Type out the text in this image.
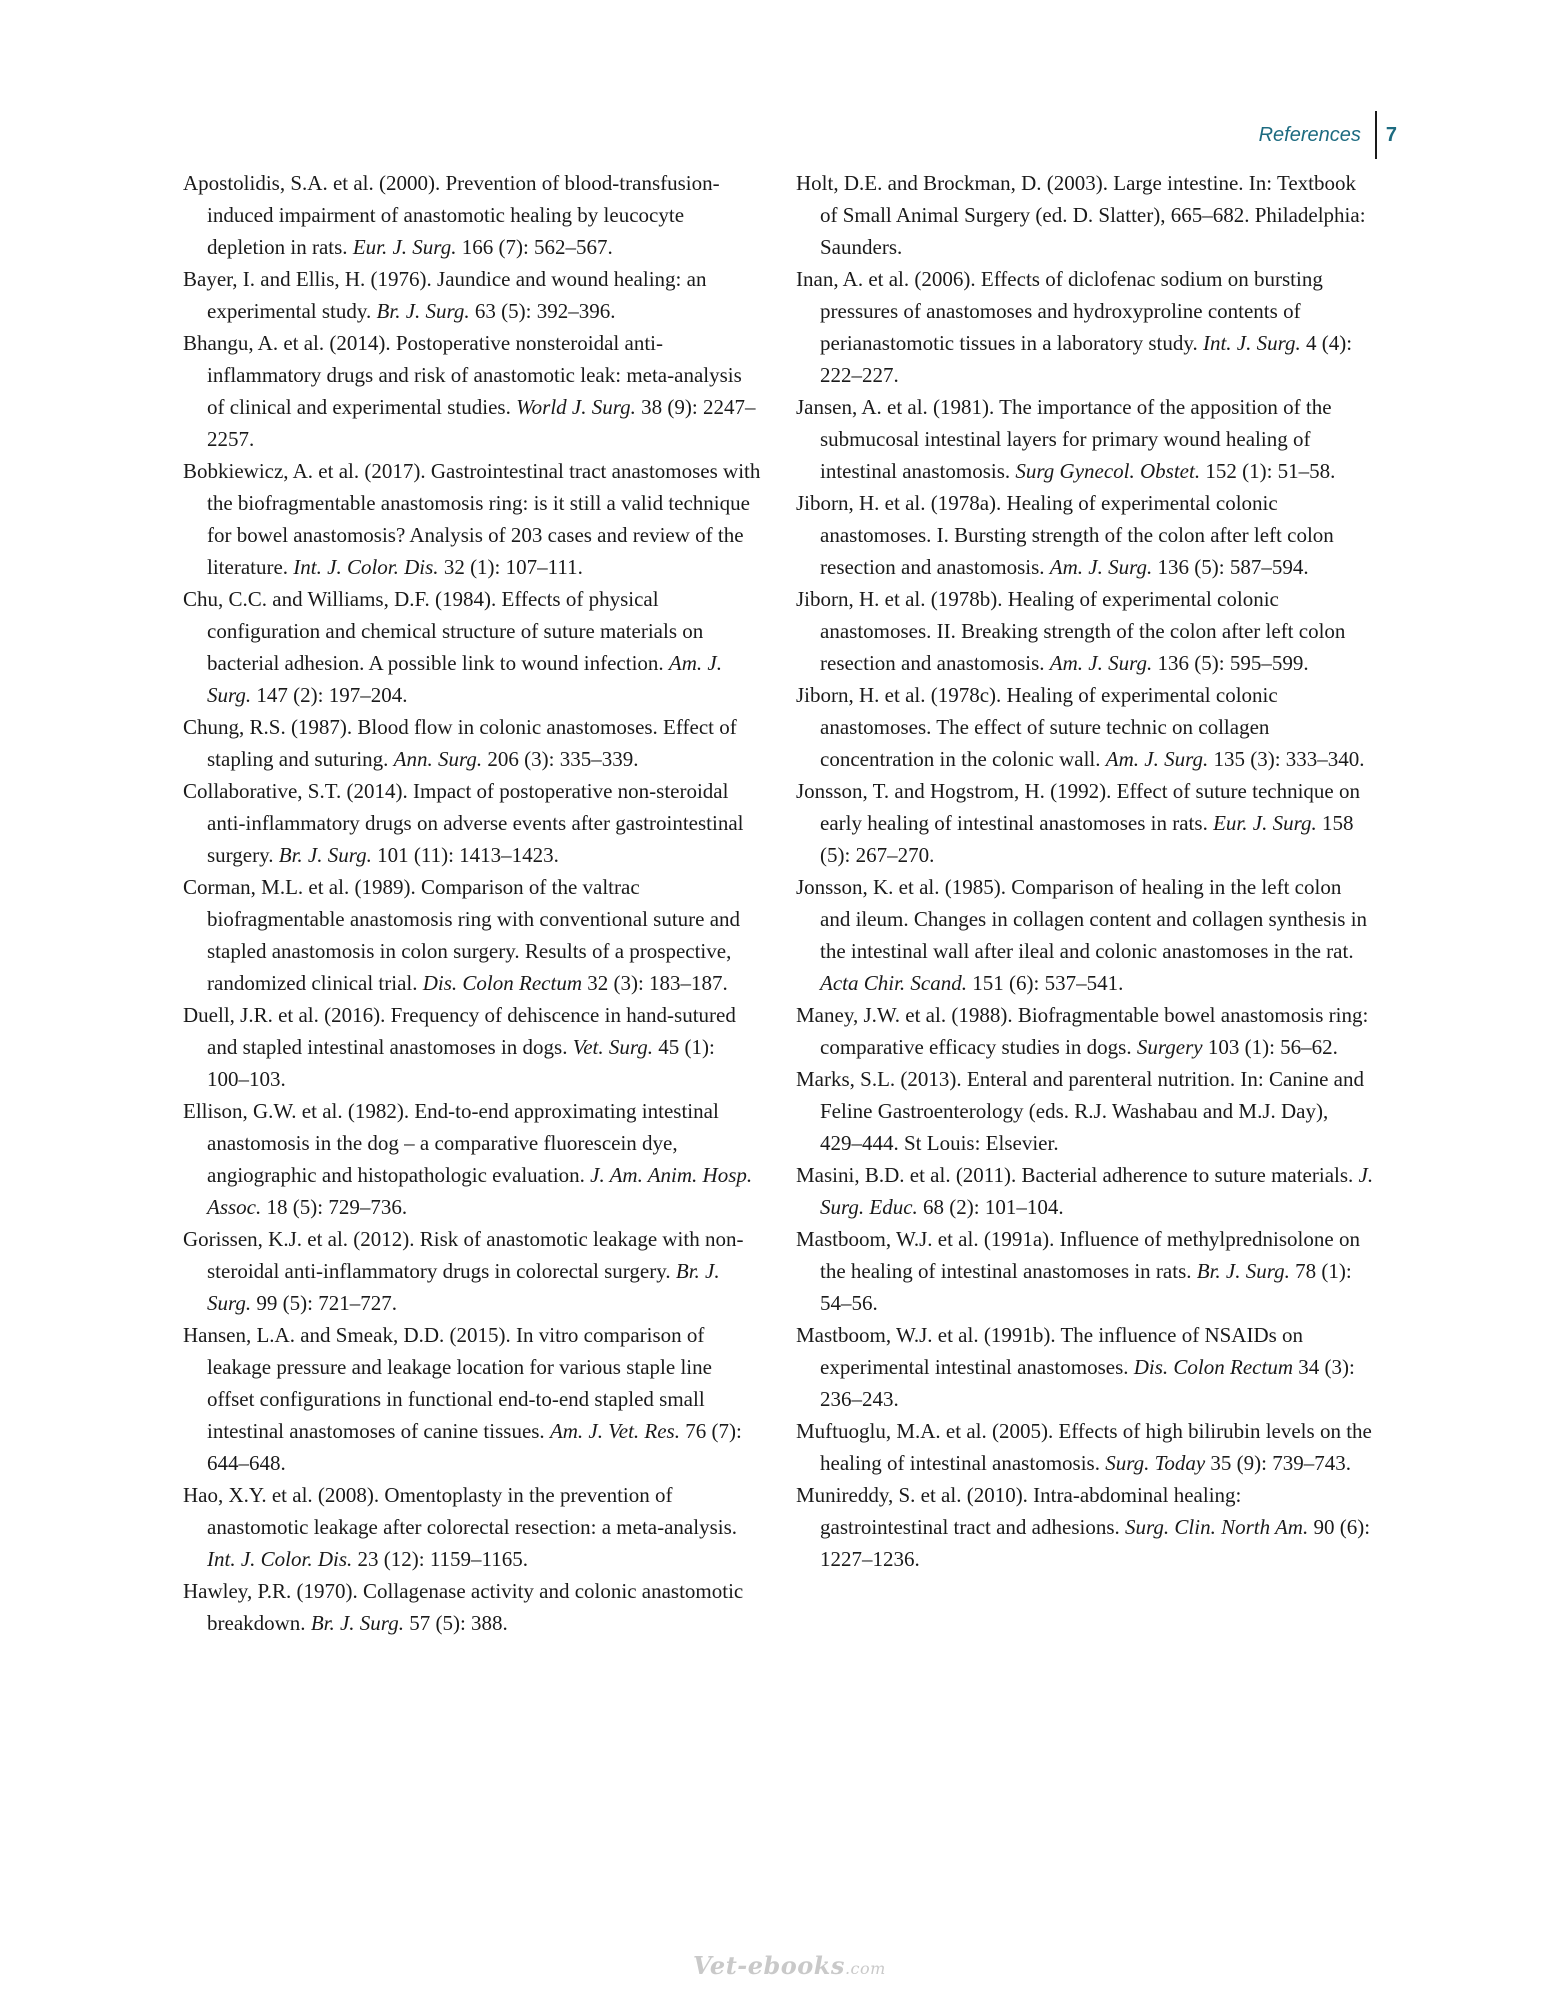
References	7
Apostolidis, S.A. et al. (2000). Prevention of blood-transfusion-induced impairment of anastomotic healing by leucocyte depletion in rats. Eur. J. Surg. 166 (7): 562–567.
Bayer, I. and Ellis, H. (1976). Jaundice and wound healing: an experimental study. Br. J. Surg. 63 (5): 392–396.
Bhangu, A. et al. (2014). Postoperative nonsteroidal anti-inflammatory drugs and risk of anastomotic leak: meta-analysis of clinical and experimental studies. World J. Surg. 38 (9): 2247–2257.
Bobkiewicz, A. et al. (2017). Gastrointestinal tract anastomoses with the biofragmentable anastomosis ring: is it still a valid technique for bowel anastomosis? Analysis of 203 cases and review of the literature. Int. J. Color. Dis. 32 (1): 107–111.
Chu, C.C. and Williams, D.F. (1984). Effects of physical configuration and chemical structure of suture materials on bacterial adhesion. A possible link to wound infection. Am. J. Surg. 147 (2): 197–204.
Chung, R.S. (1987). Blood flow in colonic anastomoses. Effect of stapling and suturing. Ann. Surg. 206 (3): 335–339.
Collaborative, S.T. (2014). Impact of postoperative non-steroidal anti-inflammatory drugs on adverse events after gastrointestinal surgery. Br. J. Surg. 101 (11): 1413–1423.
Corman, M.L. et al. (1989). Comparison of the valtrac biofragmentable anastomosis ring with conventional suture and stapled anastomosis in colon surgery. Results of a prospective, randomized clinical trial. Dis. Colon Rectum 32 (3): 183–187.
Duell, J.R. et al. (2016). Frequency of dehiscence in hand-sutured and stapled intestinal anastomoses in dogs. Vet. Surg. 45 (1): 100–103.
Ellison, G.W. et al. (1982). End-to-end approximating intestinal anastomosis in the dog – a comparative fluorescein dye, angiographic and histopathologic evaluation. J. Am. Anim. Hosp. Assoc. 18 (5): 729–736.
Gorissen, K.J. et al. (2012). Risk of anastomotic leakage with non-steroidal anti-inflammatory drugs in colorectal surgery. Br. J. Surg. 99 (5): 721–727.
Hansen, L.A. and Smeak, D.D. (2015). In vitro comparison of leakage pressure and leakage location for various staple line offset configurations in functional end-to-end stapled small intestinal anastomoses of canine tissues. Am. J. Vet. Res. 76 (7): 644–648.
Hao, X.Y. et al. (2008). Omentoplasty in the prevention of anastomotic leakage after colorectal resection: a meta-analysis. Int. J. Color. Dis. 23 (12): 1159–1165.
Hawley, P.R. (1970). Collagenase activity and colonic anastomotic breakdown. Br. J. Surg. 57 (5): 388.
Holt, D.E. and Brockman, D. (2003). Large intestine. In: Textbook of Small Animal Surgery (ed. D. Slatter), 665–682. Philadelphia: Saunders.
Inan, A. et al. (2006). Effects of diclofenac sodium on bursting pressures of anastomoses and hydroxyproline contents of perianastomotic tissues in a laboratory study. Int. J. Surg. 4 (4): 222–227.
Jansen, A. et al. (1981). The importance of the apposition of the submucosal intestinal layers for primary wound healing of intestinal anastomosis. Surg Gynecol. Obstet. 152 (1): 51–58.
Jiborn, H. et al. (1978a). Healing of experimental colonic anastomoses. I. Bursting strength of the colon after left colon resection and anastomosis. Am. J. Surg. 136 (5): 587–594.
Jiborn, H. et al. (1978b). Healing of experimental colonic anastomoses. II. Breaking strength of the colon after left colon resection and anastomosis. Am. J. Surg. 136 (5): 595–599.
Jiborn, H. et al. (1978c). Healing of experimental colonic anastomoses. The effect of suture technic on collagen concentration in the colonic wall. Am. J. Surg. 135 (3): 333–340.
Jonsson, T. and Hogstrom, H. (1992). Effect of suture technique on early healing of intestinal anastomoses in rats. Eur. J. Surg. 158 (5): 267–270.
Jonsson, K. et al. (1985). Comparison of healing in the left colon and ileum. Changes in collagen content and collagen synthesis in the intestinal wall after ileal and colonic anastomoses in the rat. Acta Chir. Scand. 151 (6): 537–541.
Maney, J.W. et al. (1988). Biofragmentable bowel anastomosis ring: comparative efficacy studies in dogs. Surgery 103 (1): 56–62.
Marks, S.L. (2013). Enteral and parenteral nutrition. In: Canine and Feline Gastroenterology (eds. R.J. Washabau and M.J. Day), 429–444. St Louis: Elsevier.
Masini, B.D. et al. (2011). Bacterial adherence to suture materials. J. Surg. Educ. 68 (2): 101–104.
Mastboom, W.J. et al. (1991a). Influence of methylprednisolone on the healing of intestinal anastomoses in rats. Br. J. Surg. 78 (1): 54–56.
Mastboom, W.J. et al. (1991b). The influence of NSAIDs on experimental intestinal anastomoses. Dis. Colon Rectum 34 (3): 236–243.
Muftuoglu, M.A. et al. (2005). Effects of high bilirubin levels on the healing of intestinal anastomosis. Surg. Today 35 (9): 739–743.
Munireddy, S. et al. (2010). Intra-abdominal healing: gastrointestinal tract and adhesions. Surg. Clin. North Am. 90 (6): 1227–1236.
Vet-ebooks.com
